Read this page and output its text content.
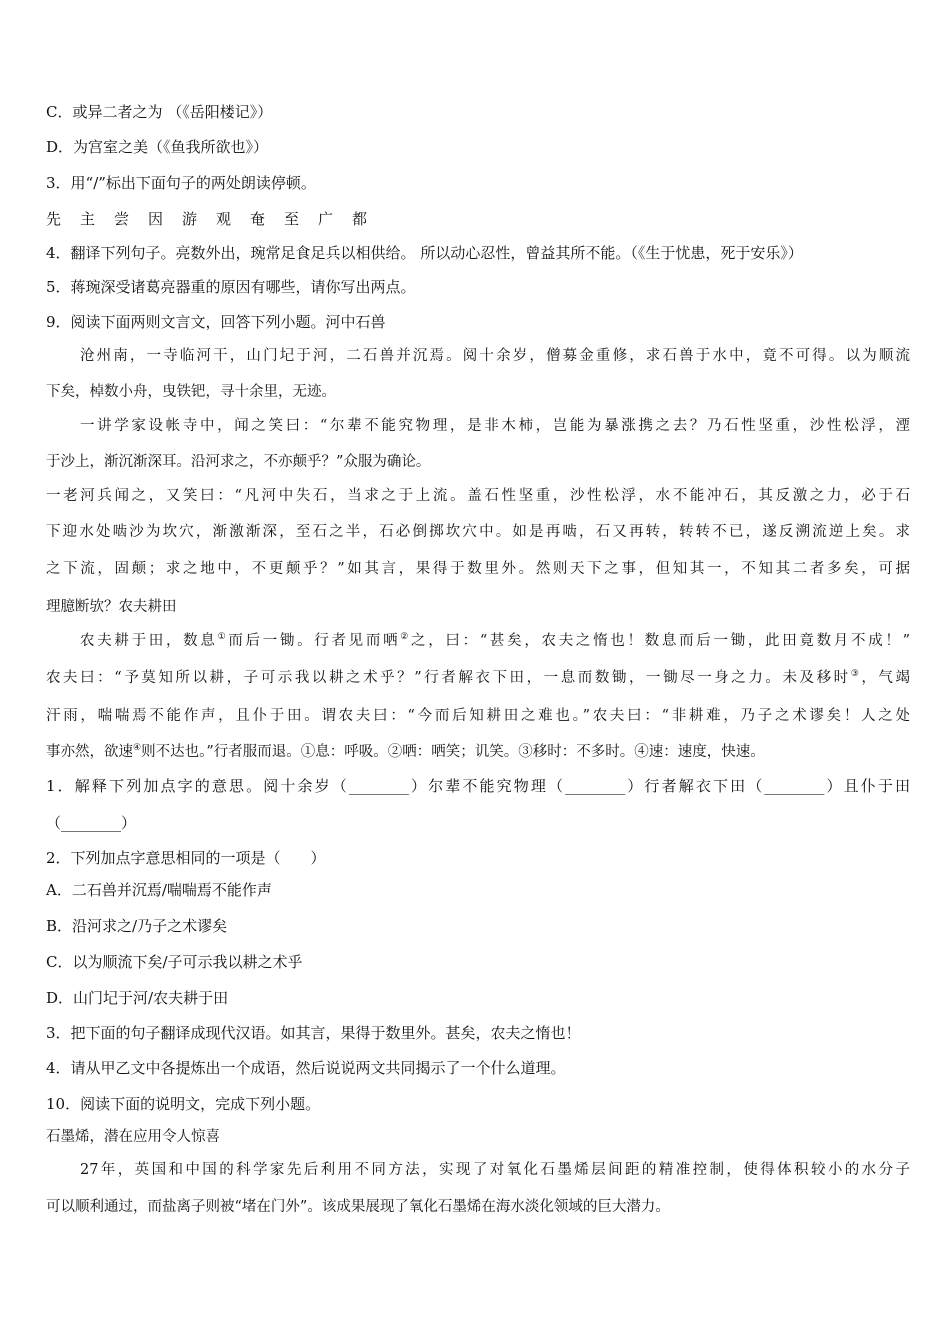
C．或异二者之为 （《岳阳楼记》）
D．为宫室之美（《鱼我所欲也》）
3．用“/”标出下面句子的两处朗读停顿。
先 主 尝 因 游 观 奄 至 广 都
4．翻译下列句子。亮数外出，琬常足食足兵以相供给。 所以动心忍性，曾益其所不能。（《生于忧患，死于安乐》）
5．蒋琬深受诸葛亮器重的原因有哪些，请你写出两点。
9．阅读下面两则文言文，回答下列小题。河中石兽
沧州南，一寺临河干，山门圮于河，二石兽并沉焉。阅十余岁，僧募金重修，求石兽于水中，竟不可得。以为顺流
下矣，棹数小舟，曳铁钯，寻十余里，无迹。
一讲学家设帐寺中，闻之笑曰：“尔辈不能究物理，是非木柿，岂能为暴涨携之去？乃石性坚重，沙性松浮，湮
于沙上，渐沉渐深耳。沿河求之，不亦颠乎？”众服为确论。
一老河兵闻之，又笑曰：“凡河中失石，当求之于上流。盖石性坚重，沙性松浮，水不能冲石，其反激之力，必于石
下迎水处啮沙为坎穴，渐激渐深，至石之半，石必倒掷坎穴中。如是再啮，石又再转，转转不已，遂反溯流逆上矣。求
之下流，固颠；求之地中，不更颠乎？”如其言，果得于数里外。然则天下之事，但知其一，不知其二者多矣，可据
理臆断欤？农夫耕田
农夫耕于田，数息①而后一锄。行者见而哂②之，曰：“甚矣，农夫之惰也！数息而后一锄，此田竟数月不成！”
农夫曰：“予莫知所以耕，子可示我以耕之术乎？”行者解衣下田，一息而数锄，一锄尽一身之力。未及移时③，气竭
汗雨，喘喘焉不能作声，且仆于田。谓农夫曰：“今而后知耕田之难也。”农夫曰：“非耕难，乃子之术谬矣！人之处
事亦然，欲速④则不达也。”行者服而退。①息：呼吸。②哂：哂笑；讥笑。③移时：不多时。④速：速度，快速。
1．解释下列加点字的意思。阅十余岁（________）尔辈不能究物理（________）行者解衣下田（________）且仆于田
（________）
2．下列加点字意思相同的一项是（　　）
A．二石兽并沉焉/喘喘焉不能作声
B．沿河求之/乃子之术谬矣
C．以为顺流下矣/子可示我以耕之术乎
D．山门圮于河/农夫耕于田
3．把下面的句子翻译成现代汉语。如其言，果得于数里外。甚矣，农夫之惰也！
4．请从甲乙文中各提炼出一个成语，然后说说两文共同揭示了一个什么道理。
10．阅读下面的说明文，完成下列小题。
石墨烯，潜在应用令人惊喜
27年，英国和中国的科学家先后利用不同方法，实现了对氧化石墨烯层间距的精准控制，使得体积较小的水分子
可以顺利通过，而盐离子则被“堵在门外”。该成果展现了氧化石墨烯在海水淡化领域的巨大潜力。
